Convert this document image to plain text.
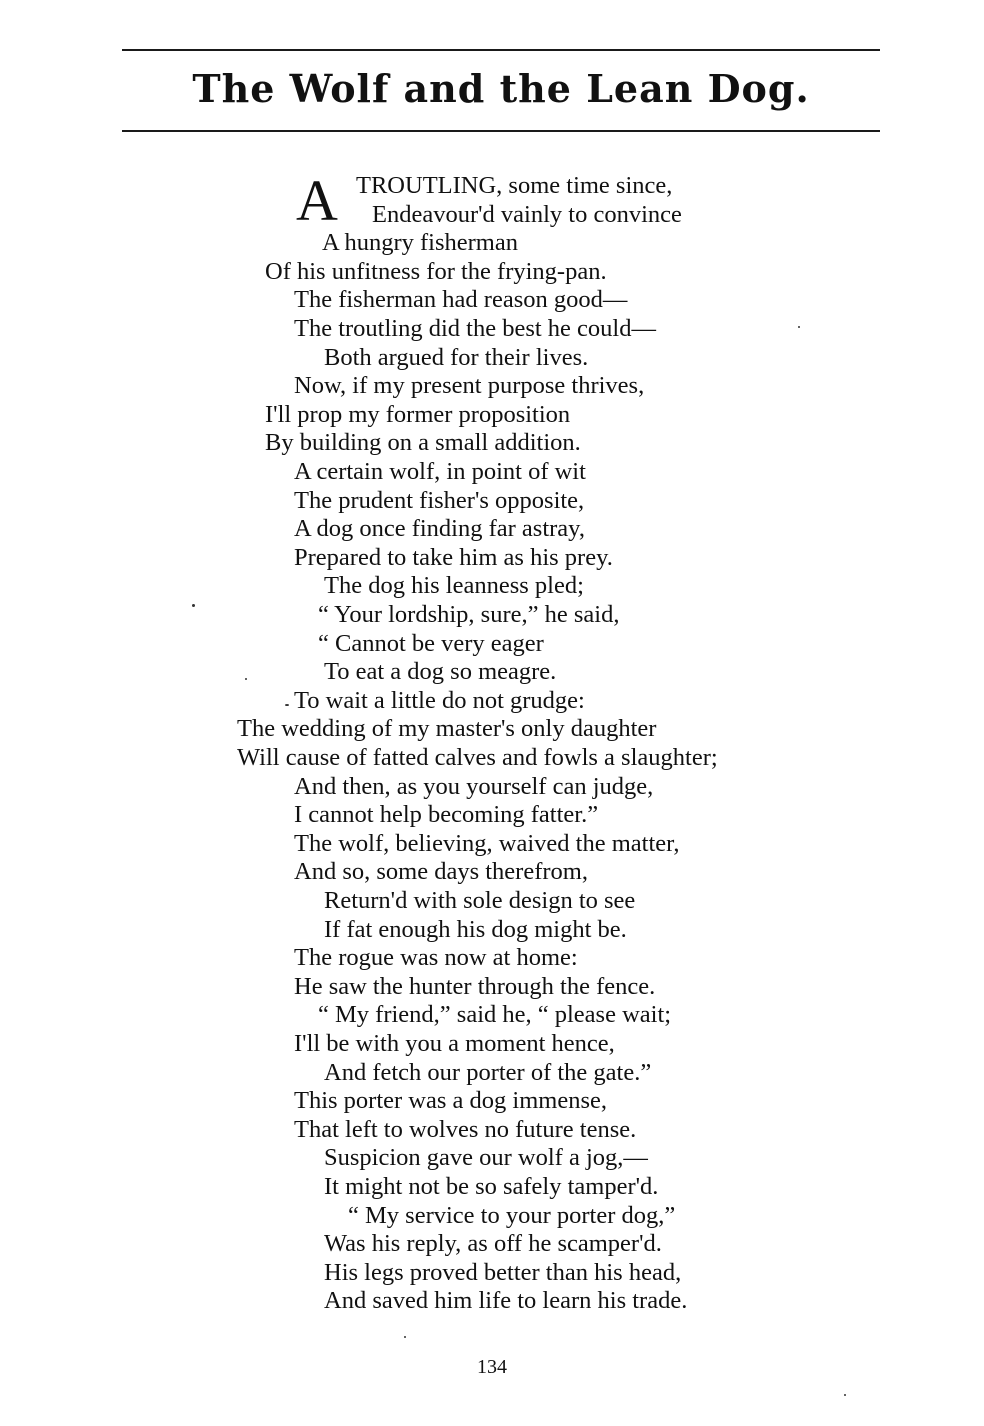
The Wolf and the Lean Dog.
A TROUTLING, some time since,
Endeavour'd vainly to convince
A hungry fisherman
Of his unfitness for the frying-pan.
The fisherman had reason good—
The troutling did the best he could—
Both argued for their lives.
Now, if my present purpose thrives,
I'll prop my former proposition
By building on a small addition.
A certain wolf, in point of wit
The prudent fisher's opposite,
A dog once finding far astray,
Prepared to take him as his prey.
The dog his leanness pled;
“ Your lordship, sure,” he said,
“ Cannot be very eager
To eat a dog so meagre.
To wait a little do not grudge:
The wedding of my master's only daughter
Will cause of fatted calves and fowls a slaughter;
And then, as you yourself can judge,
I cannot help becoming fatter.”
The wolf, believing, waived the matter,
And so, some days therefrom,
Return'd with sole design to see
If fat enough his dog might be.
The rogue was now at home:
He saw the hunter through the fence.
“ My friend,” said he, “ please wait;
I'll be with you a moment hence,
And fetch our porter of the gate.”
This porter was a dog immense,
That left to wolves no future tense.
Suspicion gave our wolf a jog,—
It might not be so safely tamper'd.
“ My service to your porter dog,”
Was his reply, as off he scamper'd.
His legs proved better than his head,
And saved him life to learn his trade.
134
